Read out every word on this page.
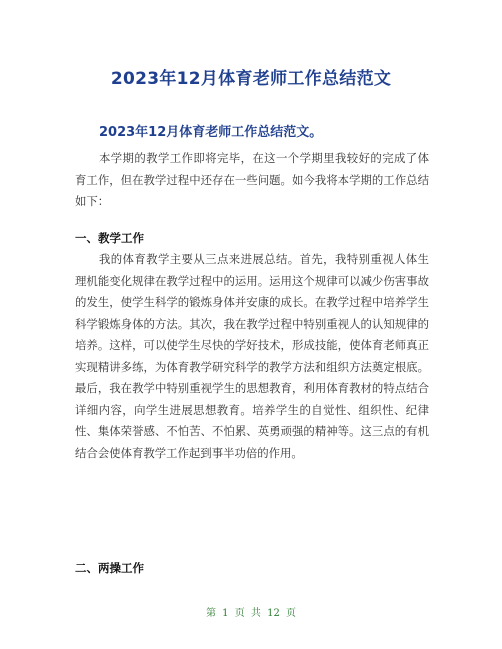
2023年12月体育老师工作总结范文

2023年12月体育老师工作总结范文。

本学期的教学工作即将完毕，在这一个学期里我较好的完成了体育工作，但在教学过程中还存在一些问题。如今我将本学期的工作总结如下：

一、教学工作

我的体育教学主要从三点来进展总结。首先，我特别重视人体生理机能变化规律在教学过程中的运用。运用这个规律可以减少伤害事故的发生，使学生科学的锻炼身体并安康的成长。在教学过程中培养学生科学锻炼身体的方法。其次，我在教学过程中特别重视人的认知规律的培养。这样，可以使学生尽快的学好技术，形成技能，使体育老师真正实现精讲多练，为体育教学研究科学的教学方法和组织方法奠定根底。最后，我在教学中特别重视学生的思想教育，利用体育教材的特点结合详细内容，向学生进展思想教育。培养学生的自觉性、组织性、纪律性、集体荣誉感、不怕苦、不怕累、英勇顽强的精神等。这三点的有机结合会使体育教学工作起到事半功倍的作用。

二、两操工作

第 1 页 共 12 页
